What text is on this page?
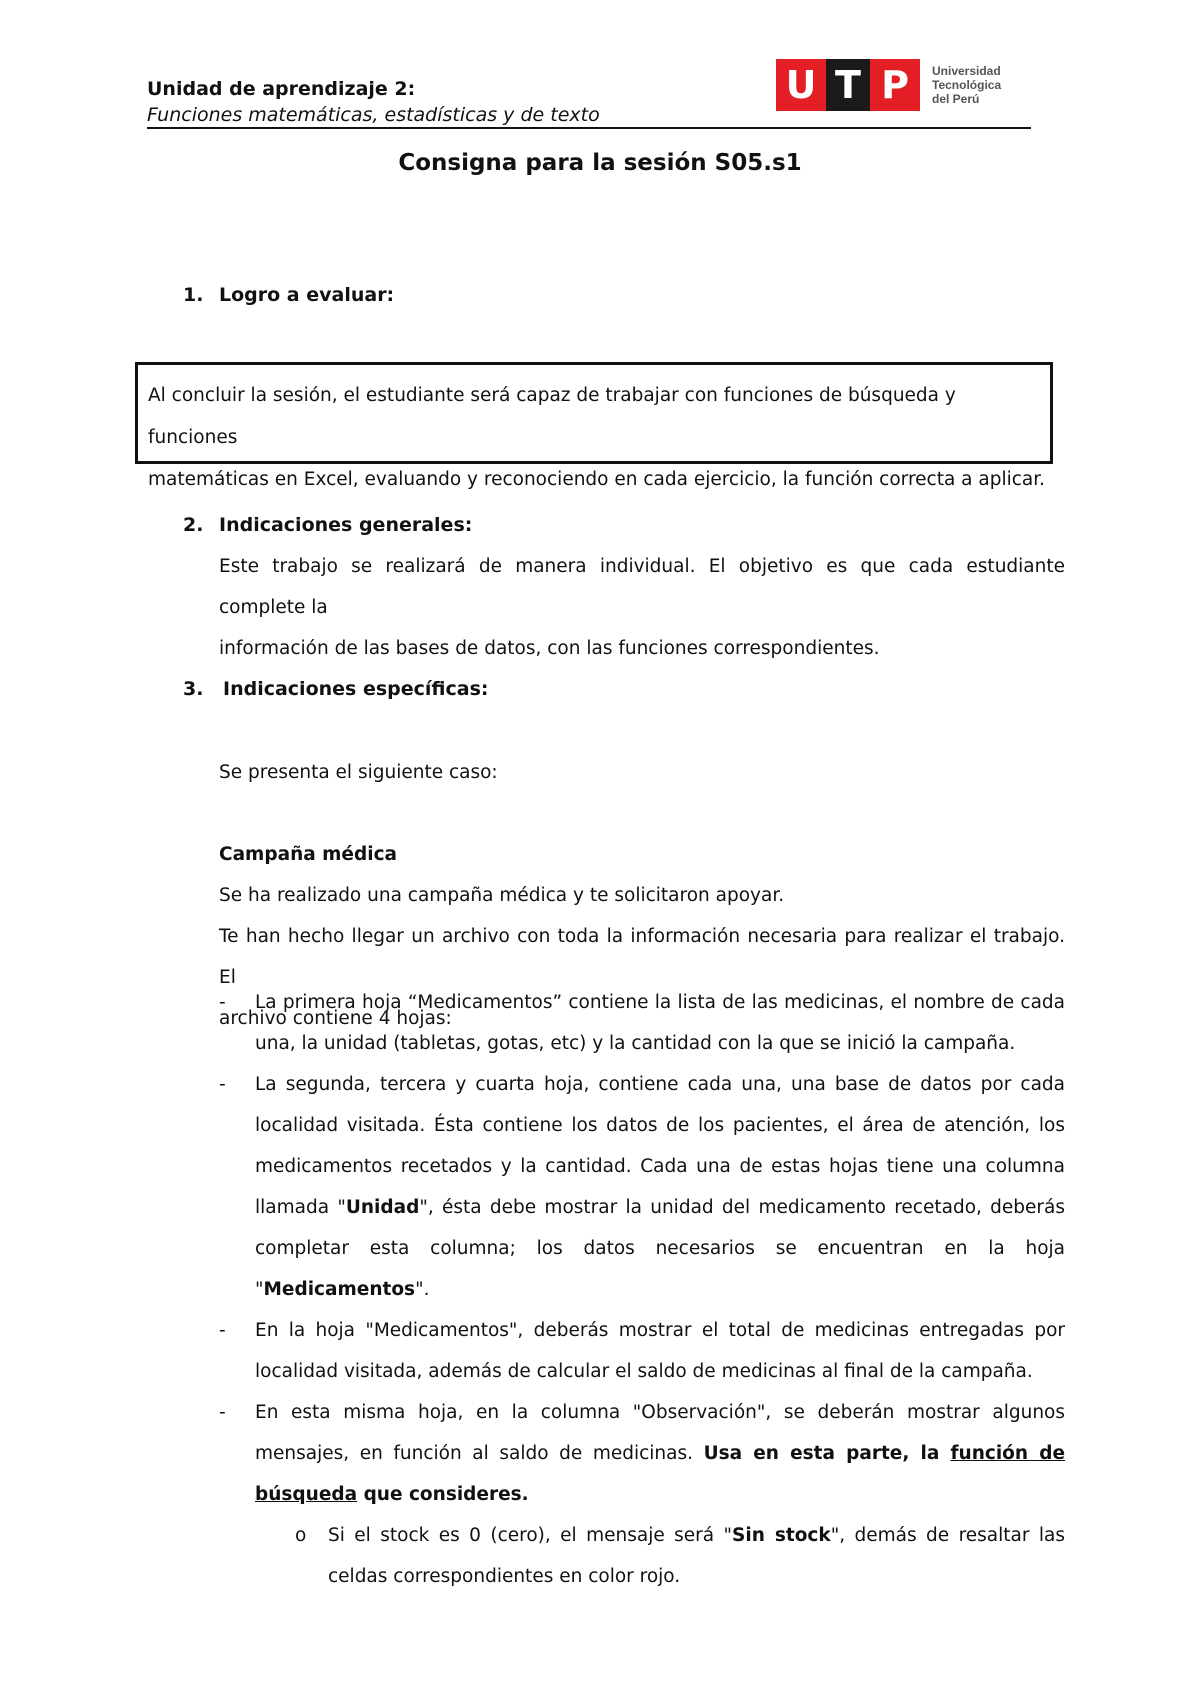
Unidad de aprendizaje 2:
Funciones matemáticas, estadísticas y de texto
U T P	Universidad
Tecnológica
del Perú
Consigna para la sesión S05.s1
1. Logro a evaluar:
Al concluir la sesión, el estudiante será capaz de trabajar con funciones de búsqueda y funciones
matemáticas en Excel, evaluando y reconociendo en cada ejercicio, la función correcta a aplicar.
2. Indicaciones generales:
Este trabajo se realizará de manera individual. El objetivo es que cada estudiante complete la
información de las bases de datos, con las funciones correspondientes.
3. Indicaciones específicas:
Se presenta el siguiente caso:
Campaña médica
Se ha realizado una campaña médica y te solicitaron apoyar.
Te han hecho llegar un archivo con toda la información necesaria para realizar el trabajo. El
archivo contiene 4 hojas:
- La primera hoja “Medicamentos” contiene la lista de las medicinas, el nombre de cada una, la unidad (tabletas, gotas, etc) y la cantidad con la que se inició la campaña.
- La segunda, tercera y cuarta hoja, contiene cada una, una base de datos por cada localidad visitada. Ésta contiene los datos de los pacientes, el área de atención, los medicamentos recetados y la cantidad. Cada una de estas hojas tiene una columna llamada "Unidad", ésta debe mostrar la unidad del medicamento recetado, deberás completar esta columna; los datos necesarios se encuentran en la hoja "Medicamentos".
- En la hoja "Medicamentos", deberás mostrar el total de medicinas entregadas por localidad visitada, además de calcular el saldo de medicinas al final de la campaña.
- En esta misma hoja, en la columna "Observación", se deberán mostrar algunos mensajes, en función al saldo de medicinas. Usa en esta parte, la función de búsqueda que consideres.
o Si el stock es 0 (cero), el mensaje será "Sin stock", demás de resaltar las celdas correspondientes en color rojo.
